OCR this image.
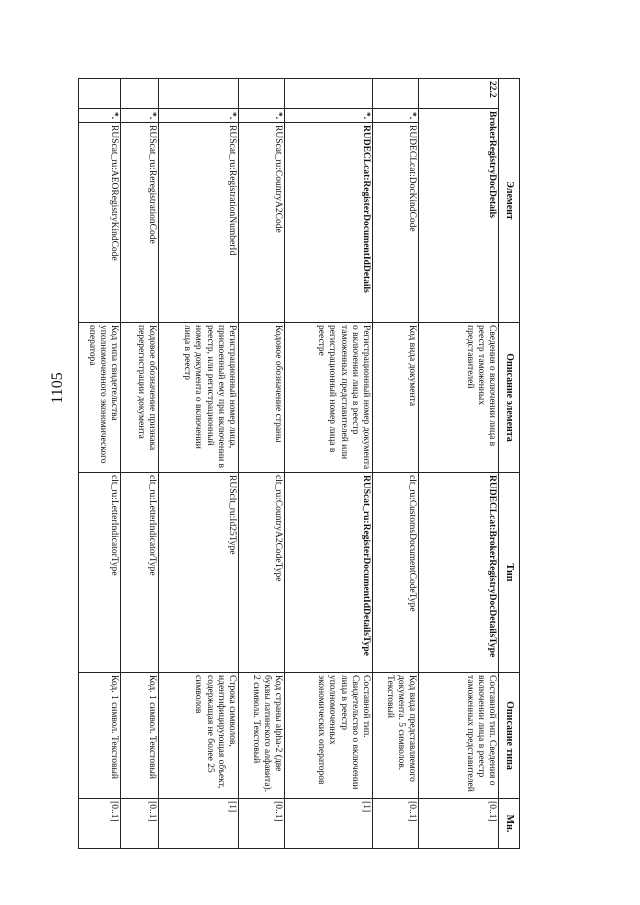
1105
Элемент			Описание элемента	Тип	Описание типа	Мн.
22.2	BrokerRegistryDocDetails		Сведения о включении лица в реестр таможенных представителей	RUDECLcat:BrokerRegistryDocDetailsType	Составной тип. Сведения о включении лица в реестр таможенных представителей	[0..1]
	*.	RUDECLcat:DocKindCode	Код вида документа	clt_ru:CustomsDocumentCodeType	Код вида представляемого документа. 5 символов. Текстовый	[0..1]
	*.	RUDECLcat:RegisterDocumentIdDetails	Регистрационный номер документа о включении лица в реестр таможенных представителей или регистрационный номер лица в реестре	RUScat_ru:RegisterDocumentIdDetailsType	Составной тип. Свидетельство о включении лица в реестр уполномоченных экономических операторов	[1]
	*.	RUScat_ru:CountryA2Code	Кодовое обозначение страны	clt_ru:CountryA2CodeType	Код страны alpha-2 (две буквы латинского алфавита). 2 символа. Текстовый	[0..1]
	*.	RUScat_ru:RegistrationNumberId	Регистрационный номер лица, присвоенный ему при включении в реестр, или регистрационный номер документа о включении лица в реестр	RUSclt_ru:Id25Type	Строка символов, идентифицирующая объект, содержащая не более 25 символов	[1]
	*.	RUScat_ru:ReregistrationCode	Кодовое обозначение признака перерегистрации документа	clt_ru:LetterIndicatorType	Код. 1 символ. Текстовый	[0..1]
	*.	RUScat_ru:AEORegistryKindCode	Код типа свидетельства уполномоченного экономического оператора	clt_ru:LetterIndicatorType	Код. 1 символ. Текстовый	[0..1]
